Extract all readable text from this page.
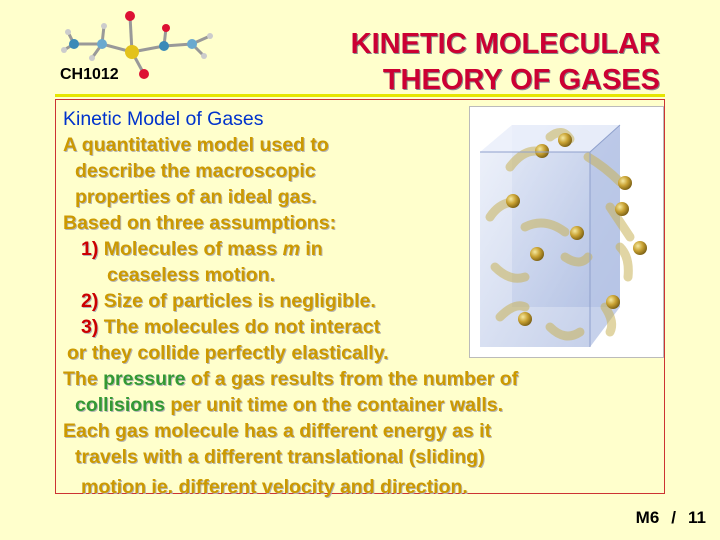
CH1012
KINETIC MOLECULAR
THEORY OF GASES
Kinetic Model of Gases
A quantitative model used to
describe the macroscopic
properties of an ideal gas.
Based on three assumptions:
1) Molecules of mass m in
ceaseless motion.
2) Size of particles is negligible.
3) The molecules do not interact
or they collide perfectly elastically.
The pressure of a gas results from the number of
collisions per unit time on the container walls.
Each gas molecule has a different energy as it
travels with a different translational (sliding)
motion ie. different velocity and direction.
M6 / 11
